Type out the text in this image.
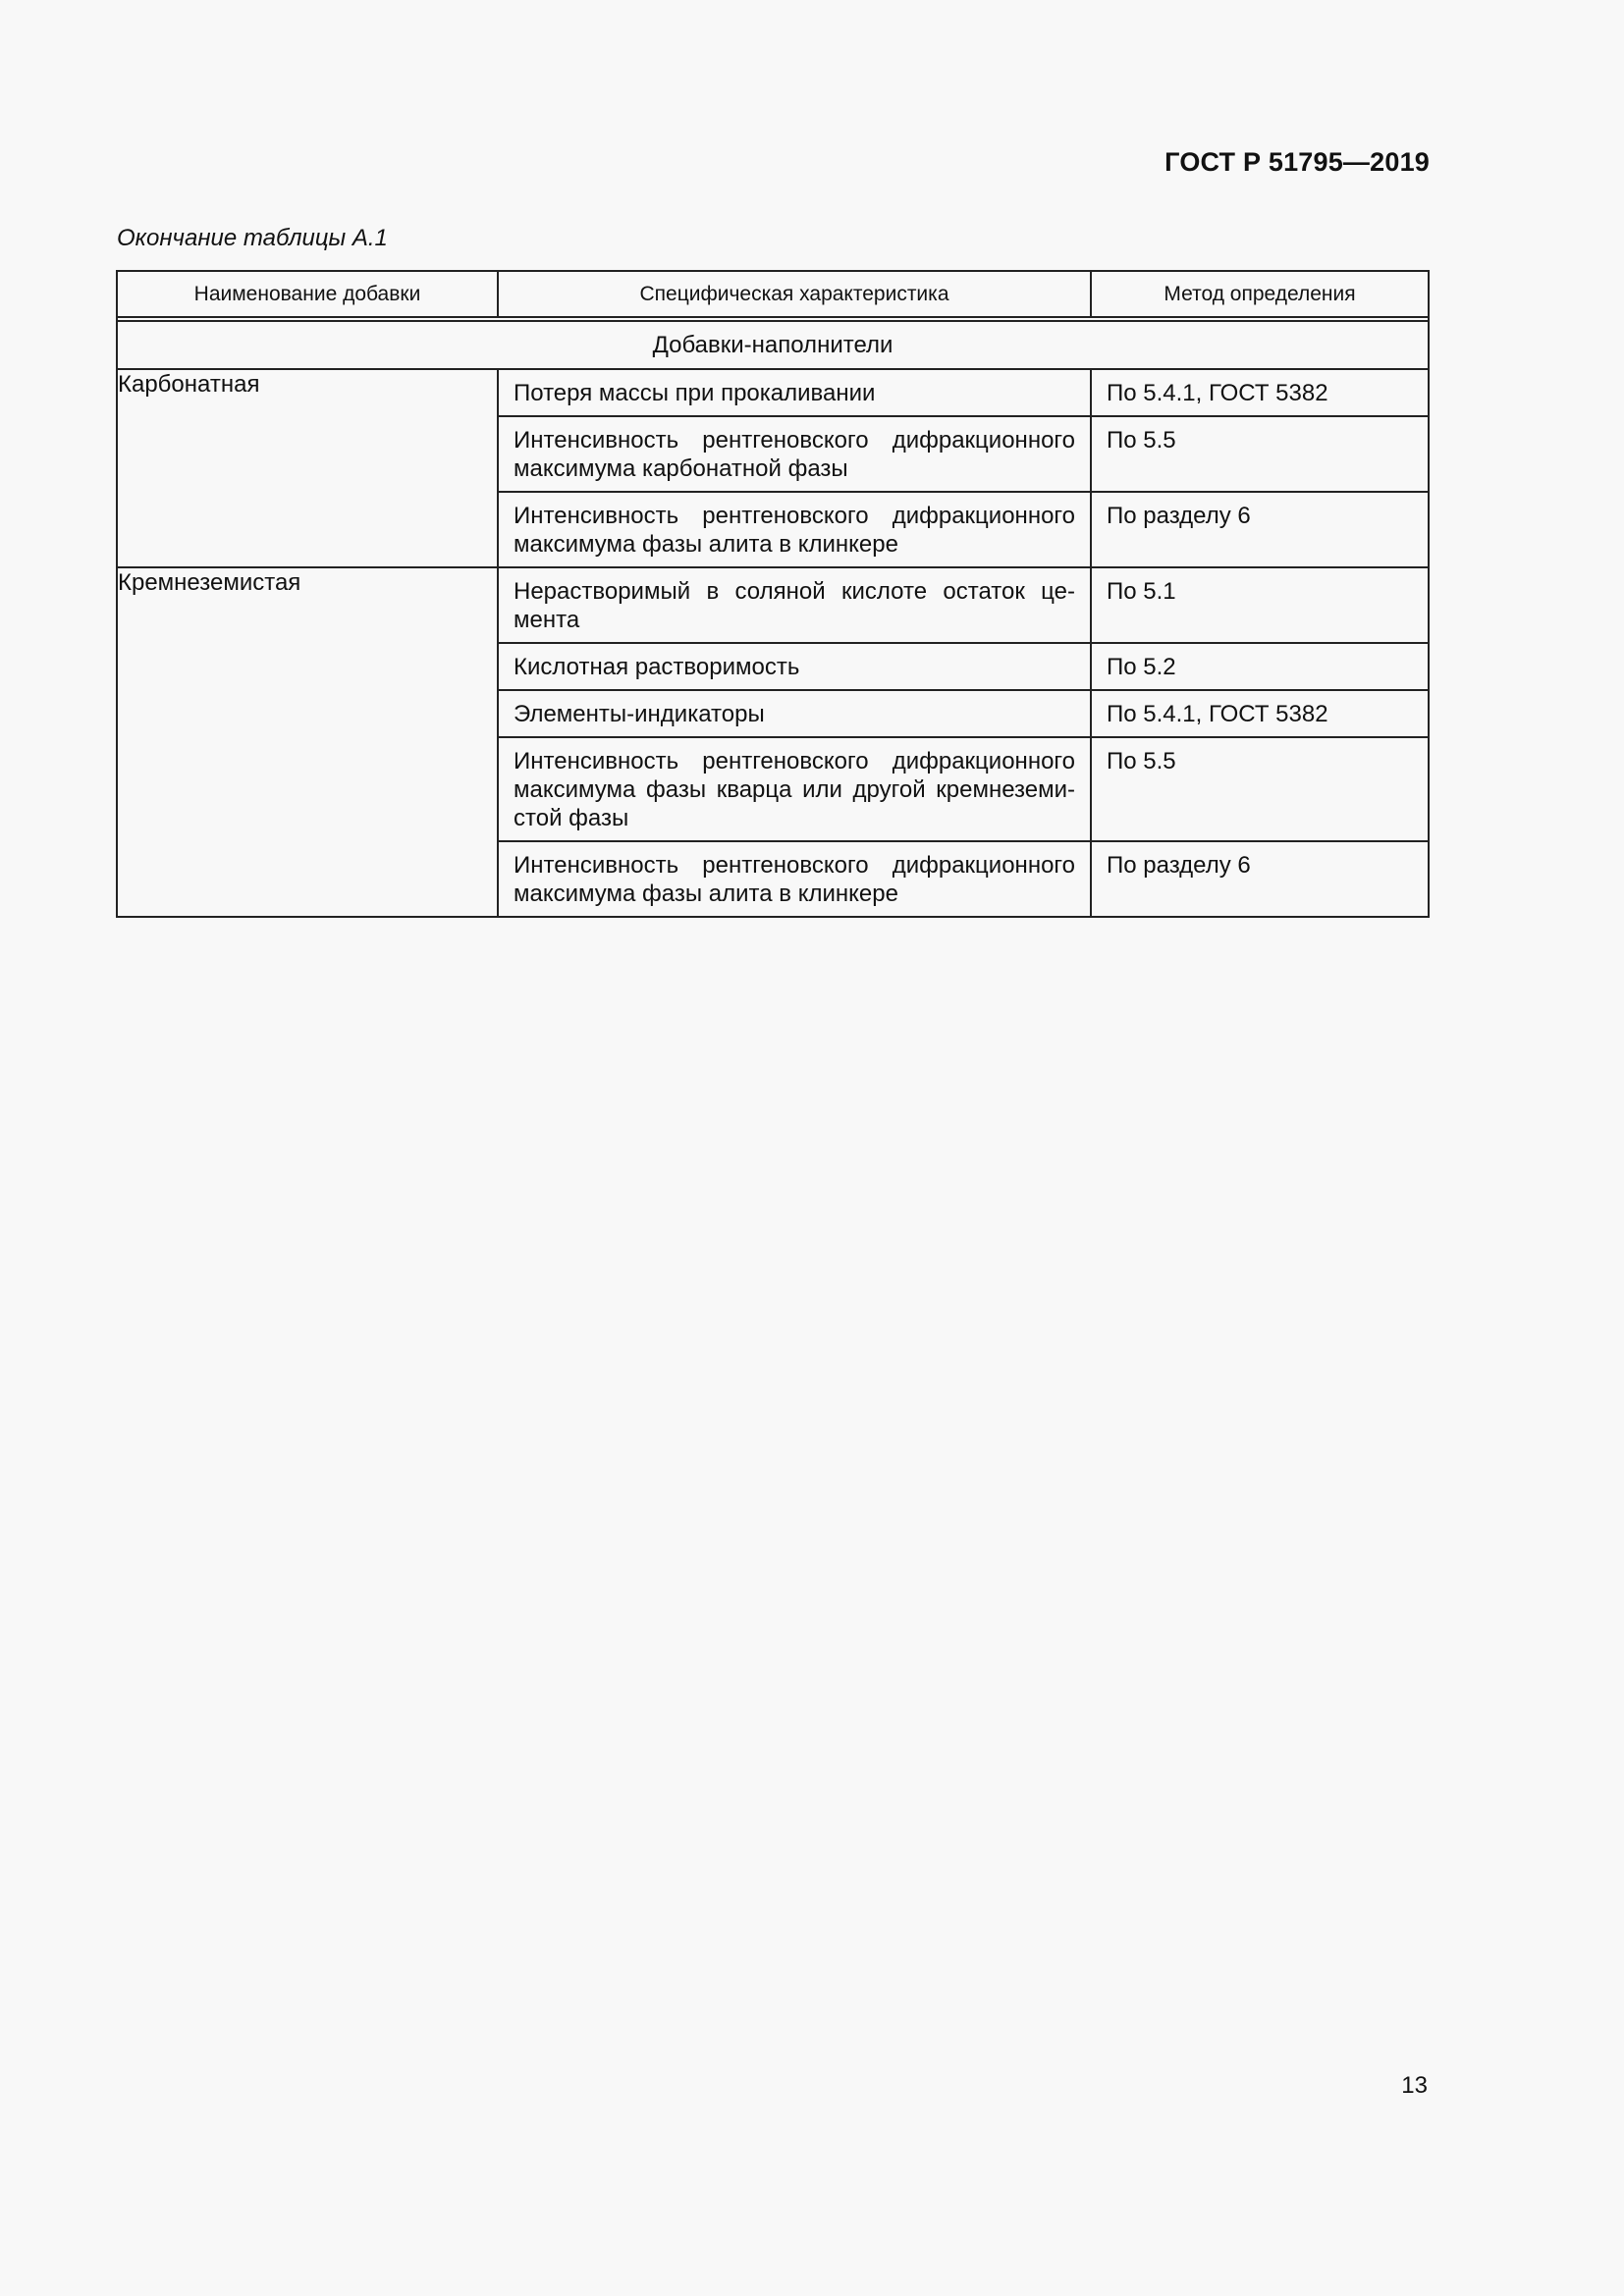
ГОСТ Р 51795—2019
Окончание таблицы А.1
Наименование добавки	Специфическая характеристика	Метод определения

Добавки-наполнители		
Карбонатная	Потеря массы при прокаливании	По 5.4.1, ГОСТ 5382
	Интенсивность рентгеновского дифракционного максимума карбонатной фазы	По 5.5
	Интенсивность рентгеновского дифракционного максимума фазы алита в клинкере	По разделу 6
Кремнеземистая	Нерастворимый в соляной кислоте остаток це-мента	По 5.1
	Кислотная растворимость	По 5.2
	Элементы-индикаторы	По 5.4.1, ГОСТ 5382
	Интенсивность рентгеновского дифракционного максимума фазы кварца или другой кремнеземи-стой фазы	По 5.5
	Интенсивность рентгеновского дифракционного максимума фазы алита в клинкере	По разделу 6
13
